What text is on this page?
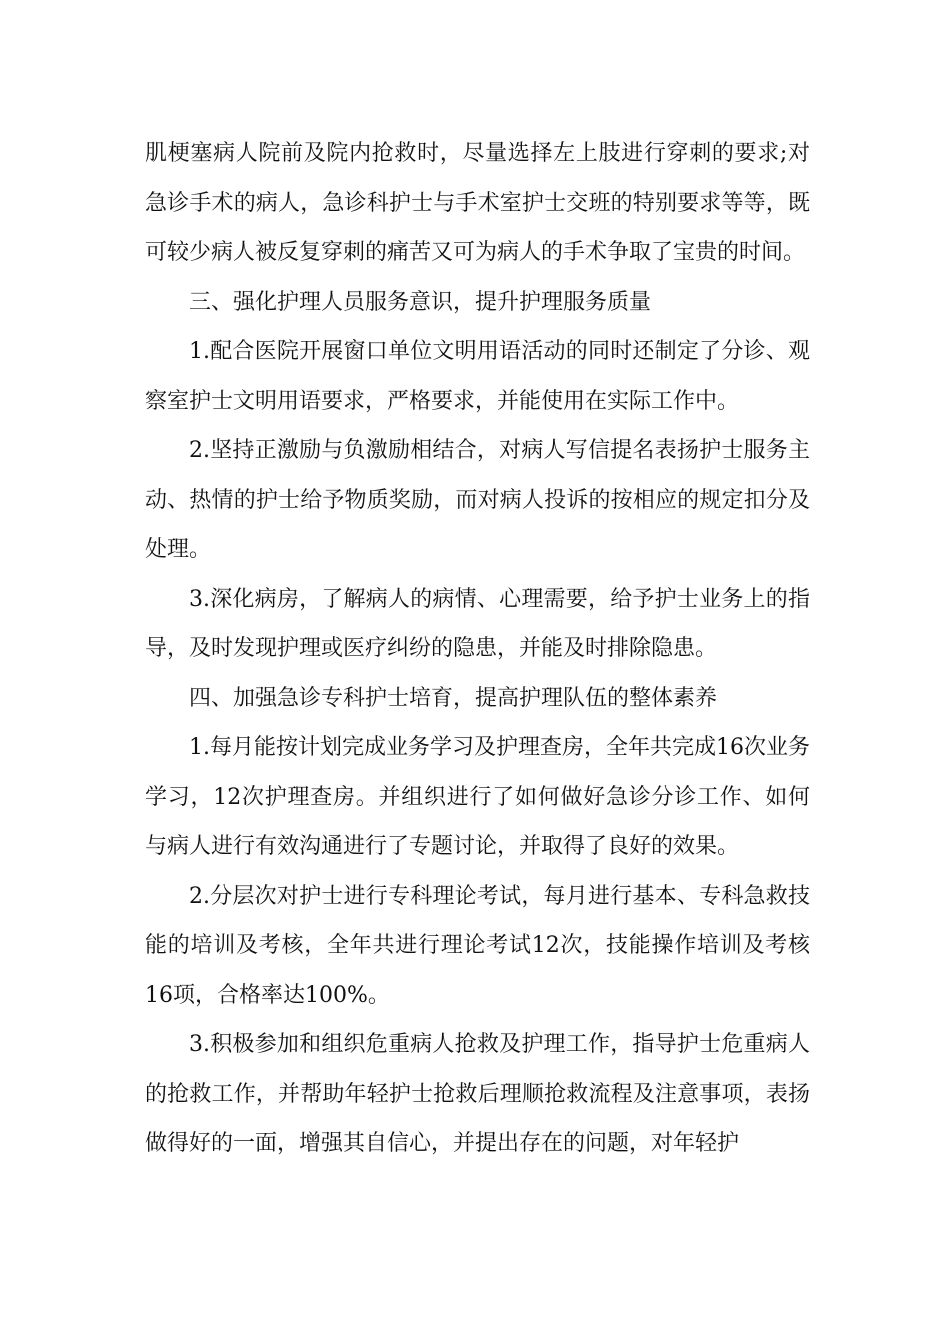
肌梗塞病人院前及院内抢救时，尽量选择左上肢进行穿刺的要求;对急诊手术的病人，急诊科护士与手术室护士交班的特别要求等等，既可较少病人被反复穿刺的痛苦又可为病人的手术争取了宝贵的时间。

三、强化护理人员服务意识，提升护理服务质量

1.配合医院开展窗口单位文明用语活动的同时还制定了分诊、观察室护士文明用语要求，严格要求，并能使用在实际工作中。

2.坚持正激励与负激励相结合，对病人写信提名表扬护士服务主动、热情的护士给予物质奖励，而对病人投诉的按相应的规定扣分及处理。

3.深化病房，了解病人的病情、心理需要，给予护士业务上的指导，及时发现护理或医疗纠纷的隐患，并能及时排除隐患。

四、加强急诊专科护士培育，提高护理队伍的整体素养

1.每月能按计划完成业务学习及护理查房，全年共完成16次业务学习，12次护理查房。并组织进行了如何做好急诊分诊工作、如何与病人进行有效沟通进行了专题讨论，并取得了良好的效果。

2.分层次对护士进行专科理论考试，每月进行基本、专科急救技能的培训及考核，全年共进行理论考试12次，技能操作培训及考核16项，合格率达100%。

3.积极参加和组织危重病人抢救及护理工作，指导护士危重病人的抢救工作，并帮助年轻护士抢救后理顺抢救流程及注意事项，表扬做得好的一面，增强其自信心，并提出存在的问题，对年轻护
